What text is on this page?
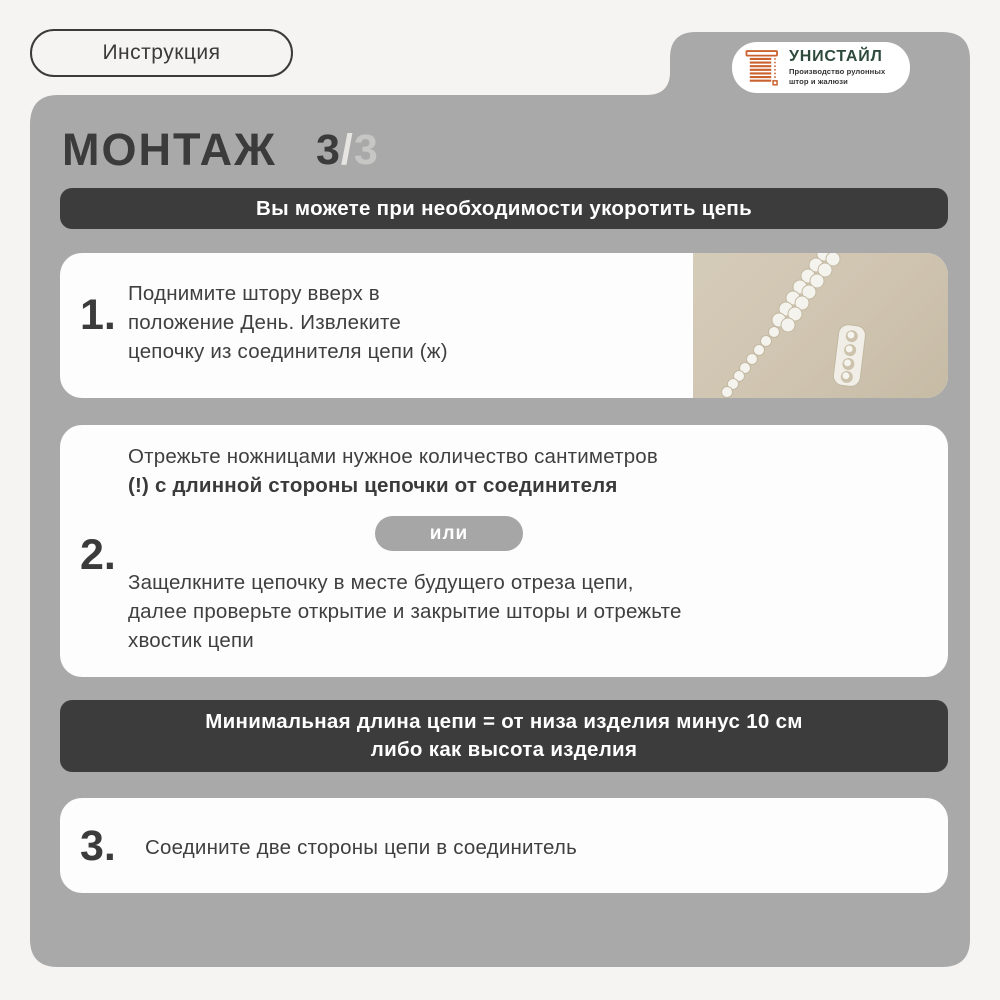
Инструкция	УНИСТАЙЛ
Производство рулонных
штор и жалюзи
МОНТАЖ 3/3
Вы можете при необходимости укоротить цепь
1. Поднимите штору вверх в
положение День. Извлеките
цепочку из соединителя цепи (ж)
2.
Отрежьте ножницами нужное количество сантиметров
(!) с длинной стороны цепочки от соединителя
или
Защелкните цепочку в месте будущего отреза цепи,
далее проверьте открытие и закрытие шторы и отрежьте
хвостик цепи
Минимальная длина цепи = от низа изделия минус 10 см
либо как высота изделия
3. Соедините две стороны цепи в соединитель
